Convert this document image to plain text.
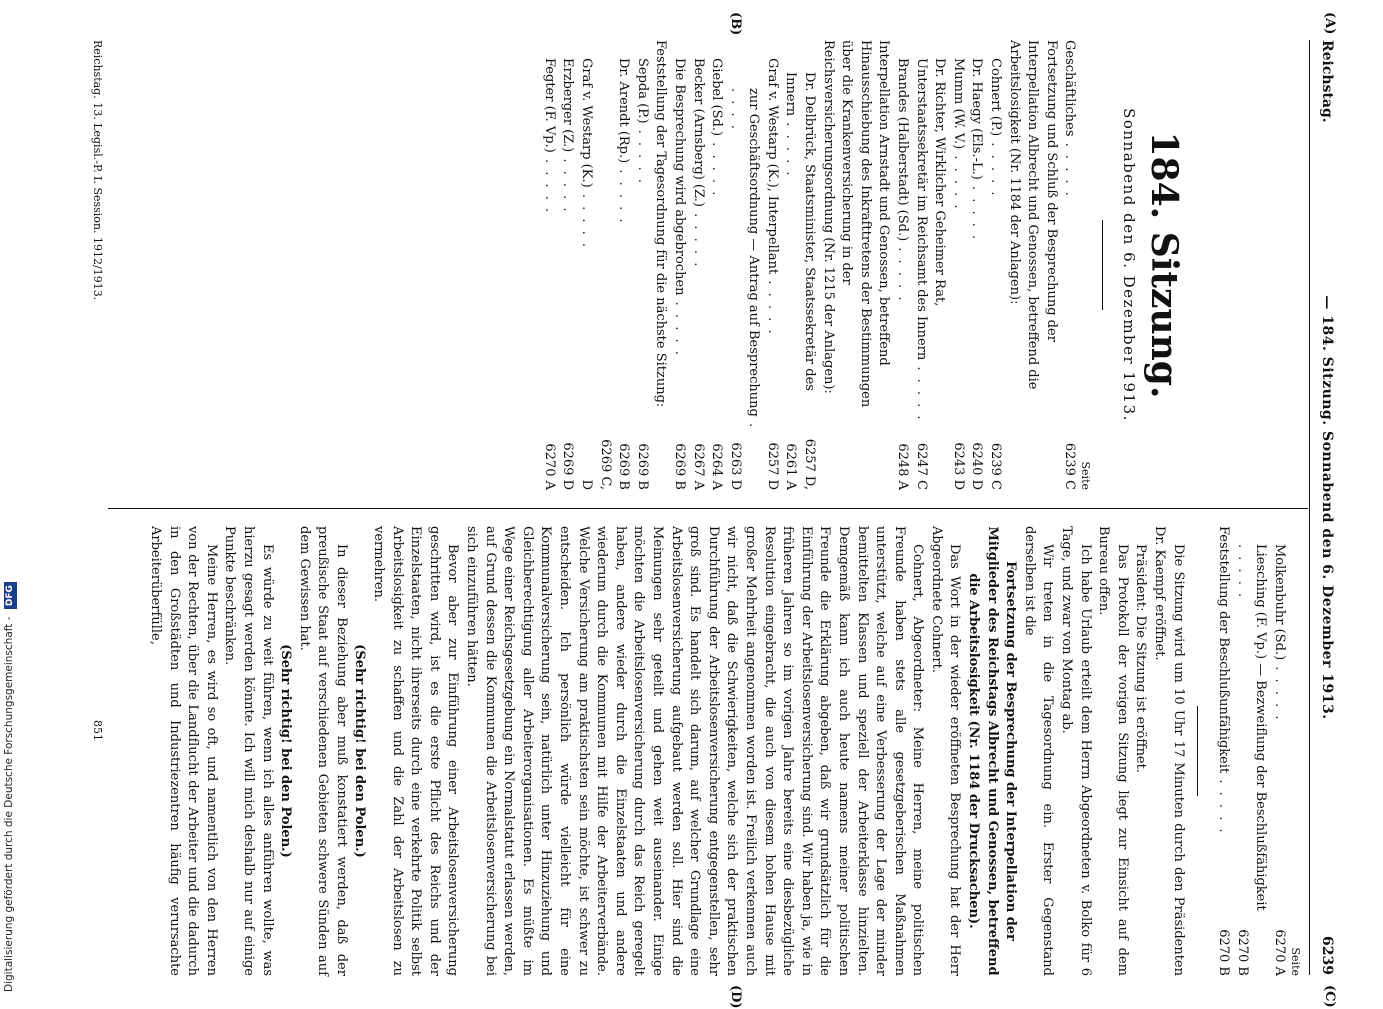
Digitalisierung gefördert durch die Deutsche Forschungsgemeinschaft - DFG
Reichstag.
— 184. Sitzung. Sonnabend den 6. Dezember 1913.
6239
(A)
(B)
(C)
(D)
184. Sitzung.
Sonnabend den 6. Dezember 1913.
Seite
Geschäftliches . . . . .
6239 C
Fortsetzung und Schluß der Besprechung der Interpellation Albrecht und Genossen, betreffend die Arbeitslosigkeit (Nr. 1184 der Anlagen):
Cohnert (P.) . . . . .
6239 C
Dr. Haegy (Els.-L.) . . . . .
6240 D
Mumm (W. V.) . . . . .
6243 D
Dr. Richter, Wirklicher Geheimer Rat, Unterstaatssekretär im Reichsamt des Innern . . . . .
6247 C
Brandes (Halberstadt) (Sd.) . . . . .
6248 A
Interpellation Arnstadt und Genossen, betreffend Hinausschiebung des Inkrafttretens der Bestimmungen über die Krankenversicherung in der Reichsversicherungsordnung (Nr. 1215 der Anlagen):
Dr. Delbrück, Staatsminister, Staatssekretär des Innern . . . . .
6257 D, 6261 A
Graf v. Westarp (K.), Interpellant . . . . .
6257 D
zur Geschäftsordnung — Antrag auf Besprechung . . . . .
6263 D
Giebel (Sd.) . . . . .
6264 A
Becker (Arnsberg) (Z.) . . . . .
6267 A
Die Besprechung wird abgebrochen . . . . .
6269 B
Feststellung der Tagesordnung für die nächste Sitzung:
Sepda (P.) . . . . .
6269 B
Dr. Arendt (Rp.) . . . . .
6269 B
Graf v. Westarp (K.) . . . . .
6269 C, D
Erzberger (Z.) . . . . .
6269 D
Fegter (F. Vp.) . . . . .
6270 A
Seite
Molkenbuhr (Sd.) . . . . .
6270 A
Liesching (F. Vp.) — Bezweiflung der Beschlußfähigkeit . . . . .
6270 B
Feststellung der Beschlußunfähigkeit . . . . .
6270 B

Die Sitzung wird um 10 Uhr 17 Minuten durch den Präsidenten Dr. Kaempf eröffnet.

Präsident: Die Sitzung ist eröffnet.

Das Protokoll der vorigen Sitzung liegt zur Einsicht auf dem Bureau offen.

Ich habe Urlaub erteilt dem Herrn Abgeordneten v. Bolko für 6 Tage, und zwar von Montag ab.

Wir treten in die Tagesordnung ein. Erster Gegenstand derselben ist die

Fortsetzung der Besprechung der Interpellation der Mitglieder des Reichstags Albrecht und Genossen, betreffend die Arbeitslosigkeit (Nr. 1184 der Drucksachen).

Das Wort in der wieder eröffneten Besprechung hat der Herr Abgeordnete Cohnert.

Cohnert, Abgeordneter: Meine Herren, meine politischen Freunde haben stets alle gesetzgeberischen Maßnahmen unterstützt, welche auf eine Verbesserung der Lage der minder bemittelten Klassen und speziell der Arbeiterklasse hinzielten. Demgemäß kann ich auch heute namens meiner politischen Freunde die Erklärung abgeben, daß wir grundsätzlich für die Einführung der Arbeitslosenversicherung sind. Wir haben ja, wie in früheren Jahren so im vorigen Jahre bereits eine diesbezügliche Resolution eingebracht, die auch von diesem hohen Hause mit großer Mehrheit angenommen worden ist. Freilich verkennen auch wir nicht, daß die Schwierigkeiten, welche sich der praktischen Durchführung der Arbeitslosenversicherung entgegenstellen, sehr groß sind. Es handelt sich darum, auf welcher Grundlage eine Arbeitslosenversicherung aufgebaut werden soll. Hier sind die Meinungen sehr geteilt und gehen weit auseinander. Einige möchten die Arbeitslosenversicherung durch das Reich geregelt haben, andere wieder durch die Einzelstaaten und andere wiederum durch die Kommunen mit Hilfe der Arbeiterverbände. Welche Versicherung am praktischsten sein möchte, ist schwer zu entscheiden. Ich persönlich würde vielleicht für eine Kommunalversicherung sein, natürlich unter Hinzuziehung und Gleichberechtigung aller Arbeiterorganisationen. Es müßte im Wege einer Reichsgesetzgebung ein Normalstatut erlassen werden, auf Grund dessen die Kommunen die Arbeitslosenversicherung bei sich einzuführen hätten.

Bevor aber zur Einführung einer Arbeitslosenversicherung geschritten wird, ist es die erste Pflicht des Reichs und der Einzelstaaten, nicht ihrerseits durch eine verkehrte Politik selbst Arbeitslosigkeit zu schaffen und die Zahl der Arbeitslosen zu vermehren.

(Sehr richtig! bei den Polen.)

In dieser Beziehung aber muß konstatiert werden, daß der preußische Staat auf verschiedenen Gebieten schwere Sünden auf dem Gewissen hat.

(Sehr richtig! bei den Polen.)

Es würde zu weit führen, wenn ich alles anführen wollte, was hierzu gesagt werden könnte. Ich will mich deshalb nur auf einige Punkte beschränken.

Meine Herren, es wird so oft, und namentlich von den Herren von der Rechten, über die Landflucht der Arbeiter und die dadurch in den Großstädten und Industriezentren häufig verursachte Arbeiterüberfülle,

Reichstag. 13. Legisl.-P. I. Session. 1912/1913.
851
